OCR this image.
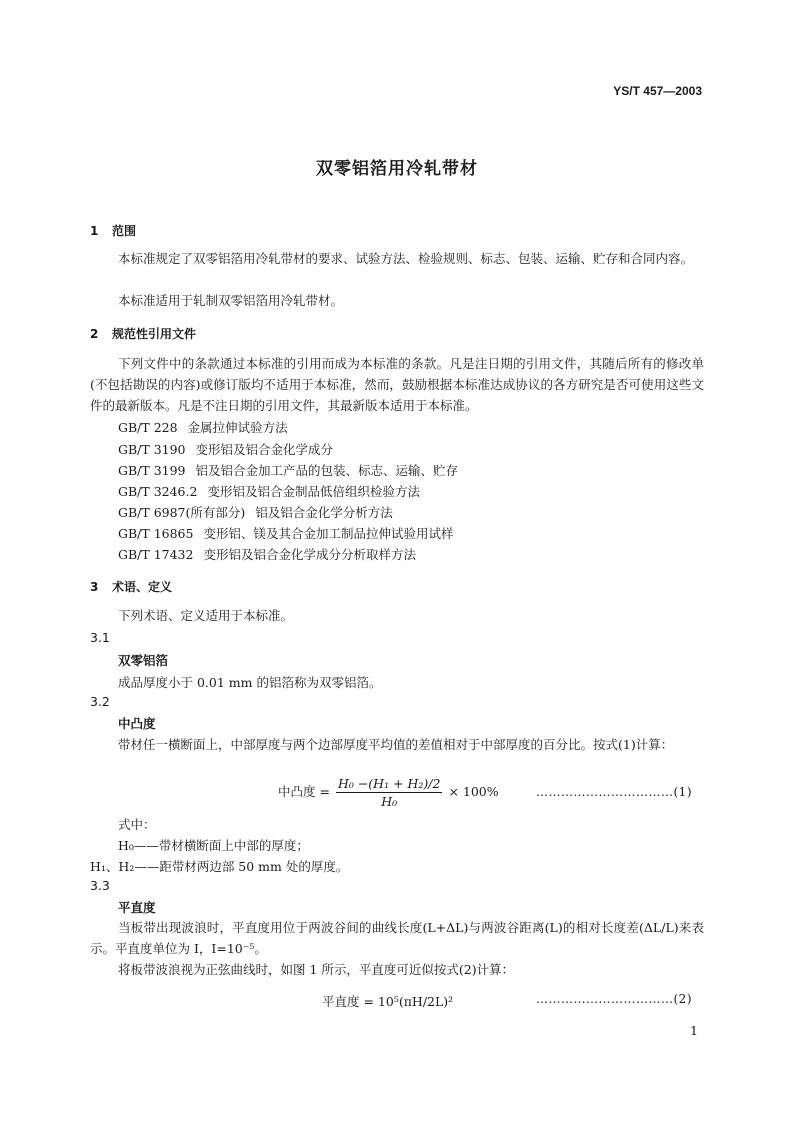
YS/T 457—2003
双零铝箔用冷轧带材
1 范围
本标准规定了双零铝箔用冷轧带材的要求、试验方法、检验规则、标志、包装、运输、贮存和合同内容。
本标准适用于轧制双零铝箔用冷轧带材。
2 规范性引用文件
下列文件中的条款通过本标准的引用而成为本标准的条款。凡是注日期的引用文件，其随后所有的修改单(不包括勘误的内容)或修订版均不适用于本标准，然而，鼓励根据本标准达成协议的各方研究是否可使用这些文件的最新版本。凡是不注日期的引用文件，其最新版本适用于本标准。
GB/T 228 金属拉伸试验方法
GB/T 3190 变形铝及铝合金化学成分
GB/T 3199 铝及铝合金加工产品的包装、标志、运输、贮存
GB/T 3246.2 变形铝及铝合金制品低倍组织检验方法
GB/T 6987(所有部分) 铝及铝合金化学分析方法
GB/T 16865 变形铝、镁及其合金加工制品拉伸试验用试样
GB/T 17432 变形铝及铝合金化学成分分析取样方法
3 术语、定义
下列术语、定义适用于本标准。
3.1
双零铝箔
成品厚度小于 0.01 mm 的铝箔称为双零铝箔。
3.2
中凸度
带材任一横断面上，中部厚度与两个边部厚度平均值的差值相对于中部厚度的百分比。按式(1)计算：
中凸度 = $\frac{\text{H₀ −(H₁ + H₂)/2}}{\text{H₀}} \times 100\%$	……………………………(1)
式中：
H₀——带材横断面上中部的厚度；
H₁、H₂——距带材两边部 50 mm 处的厚度。
3.3
平直度
当板带出现波浪时，平直度用位于两波谷间的曲线长度(L+ΔL)与两波谷距离(L)的相对长度差(ΔL/L)来表示。平直度单位为 I，I=10⁻⁵。
将板带波浪视为正弦曲线时，如图 1 所示，平直度可近似按式(2)计算：
平直度 = 10⁵(πH/2L)²	……………………………(2)
1
